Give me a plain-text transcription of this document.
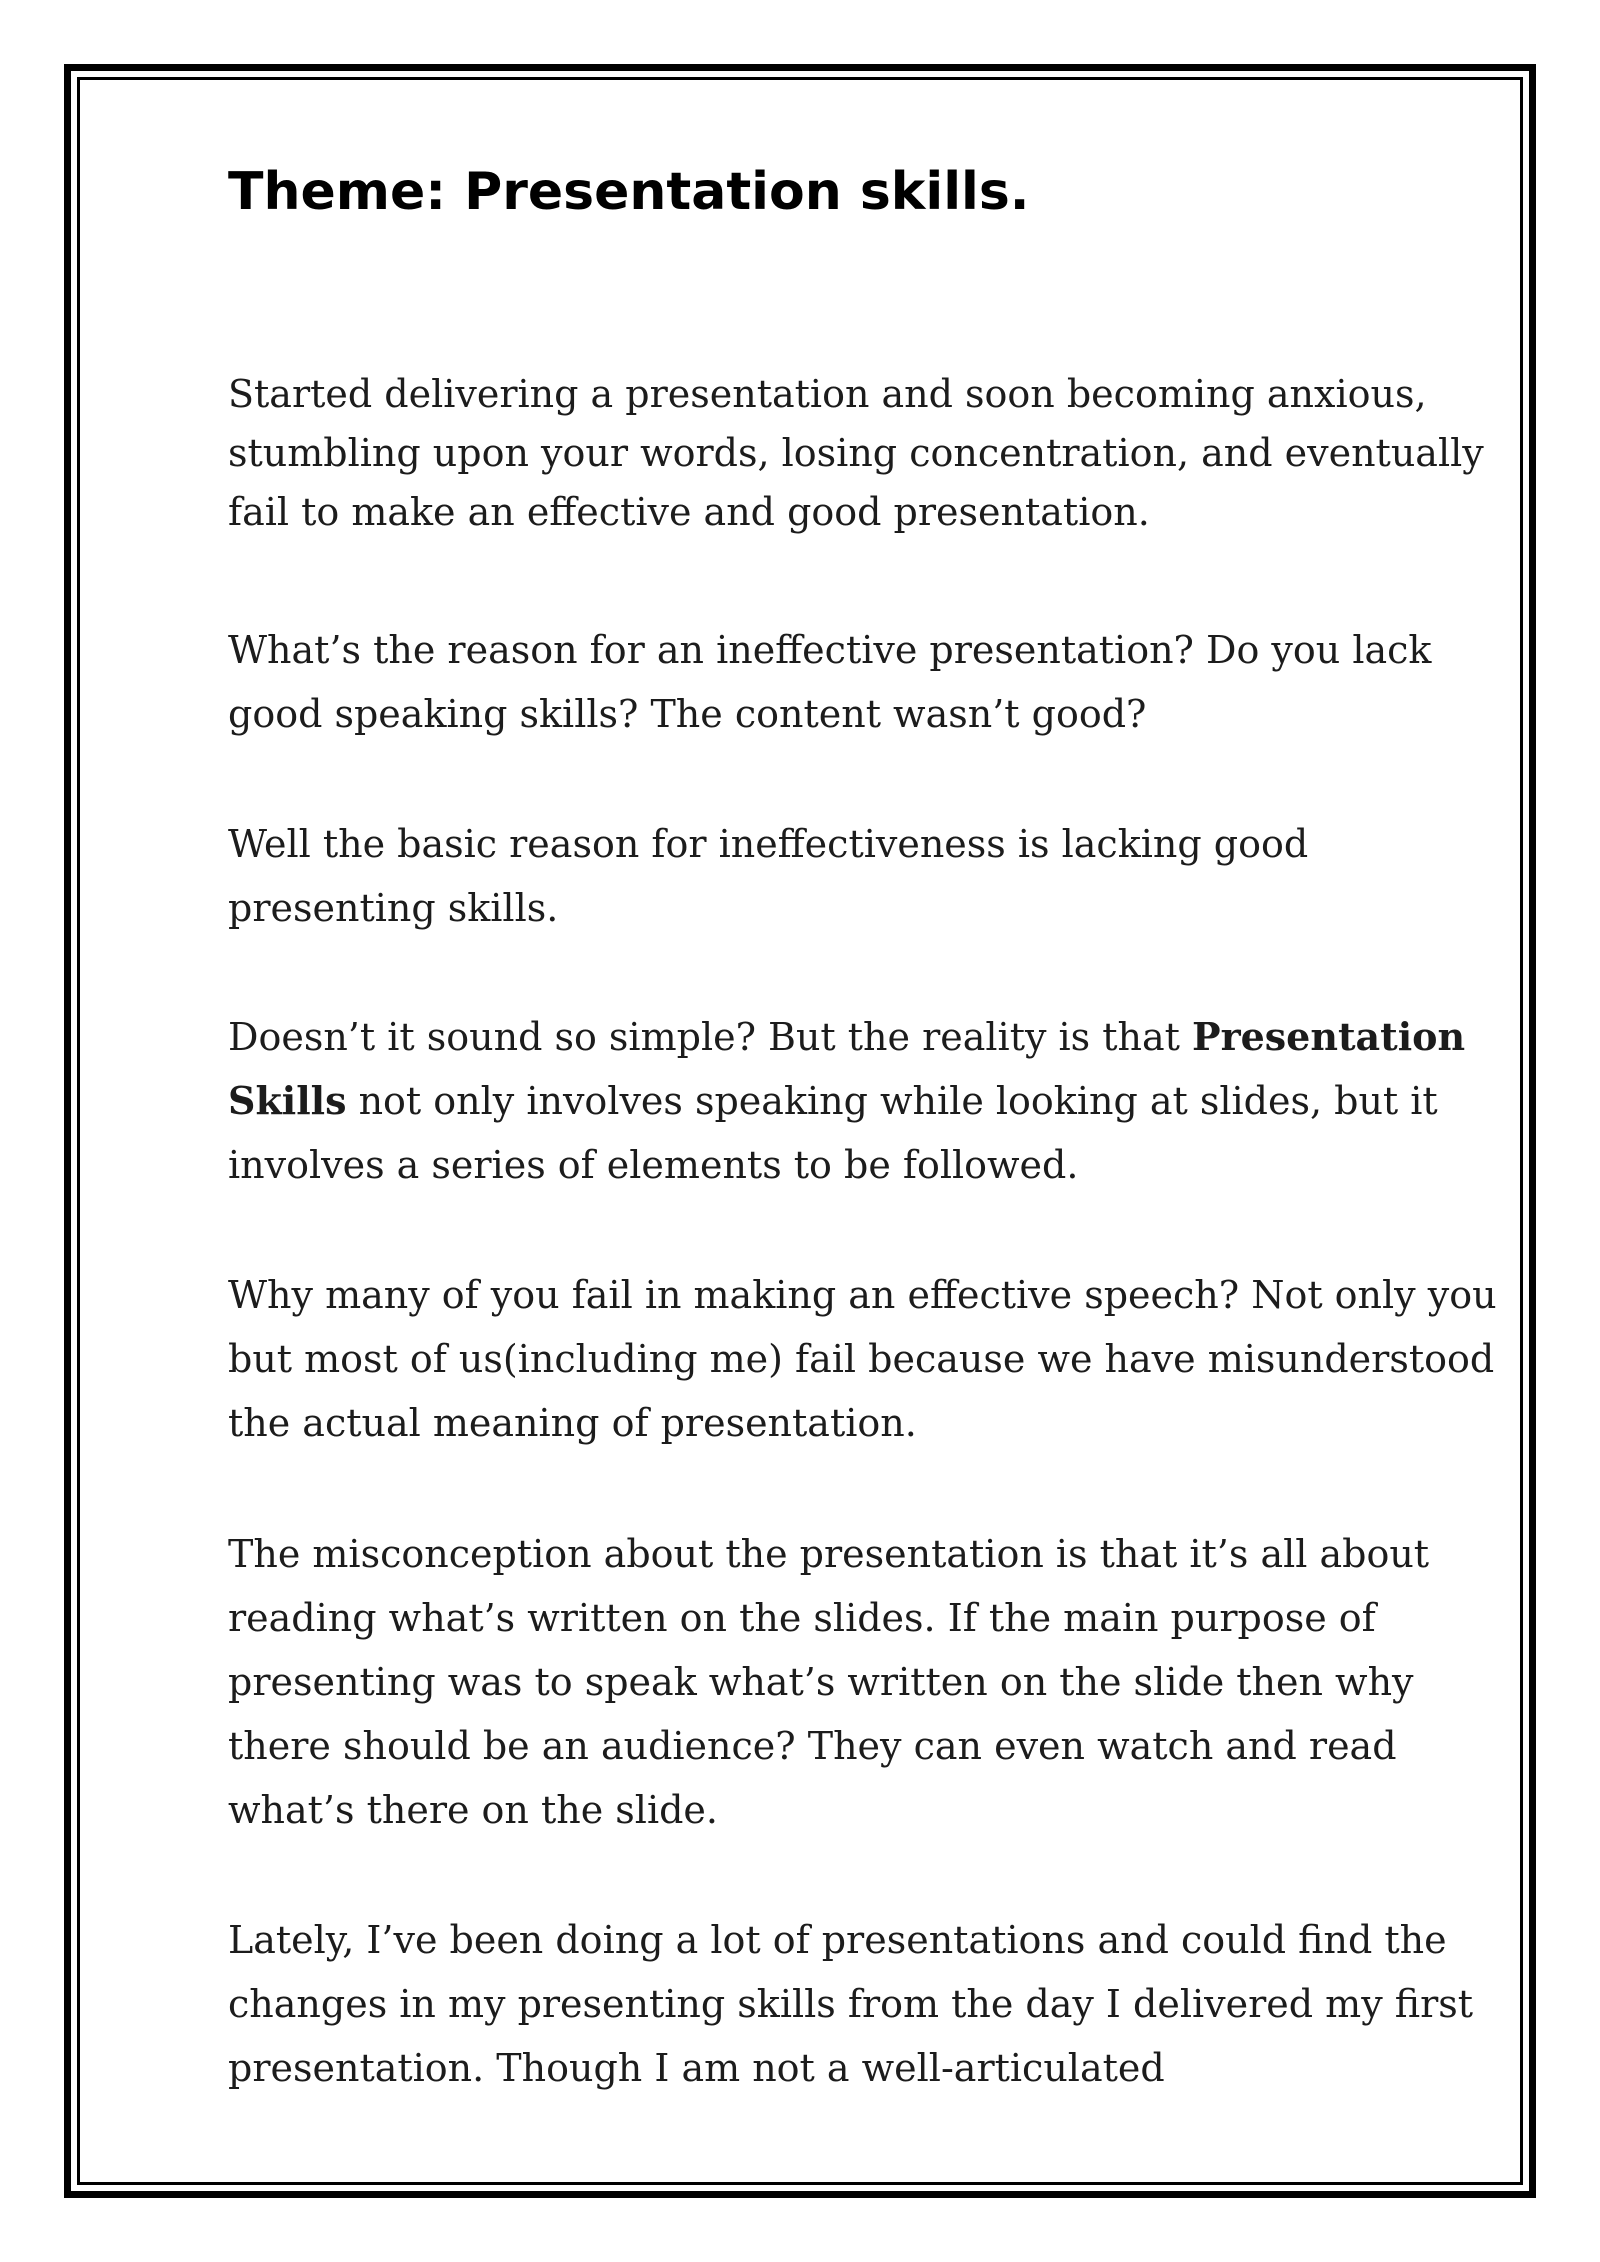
Theme: Presentation skills.

Started delivering a presentation and soon becoming anxious, stumbling upon your words, losing concentration, and eventually fail to make an effective and good presentation.

What’s the reason for an ineffective presentation? Do you lack good speaking skills? The content wasn’t good?

Well the basic reason for ineffectiveness is lacking good presenting skills.

Doesn’t it sound so simple? But the reality is that Presentation Skills not only involves speaking while looking at slides, but it involves a series of elements to be followed.

Why many of you fail in making an effective speech? Not only you but most of us(including me) fail because we have misunderstood the actual meaning of presentation.

The misconception about the presentation is that it’s all about reading what’s written on the slides. If the main purpose of presenting was to speak what’s written on the slide then why there should be an audience? They can even watch and read what’s there on the slide.

Lately, I’ve been doing a lot of presentations and could find the changes in my presenting skills from the day I delivered my first presentation. Though I am not a well-articulated
